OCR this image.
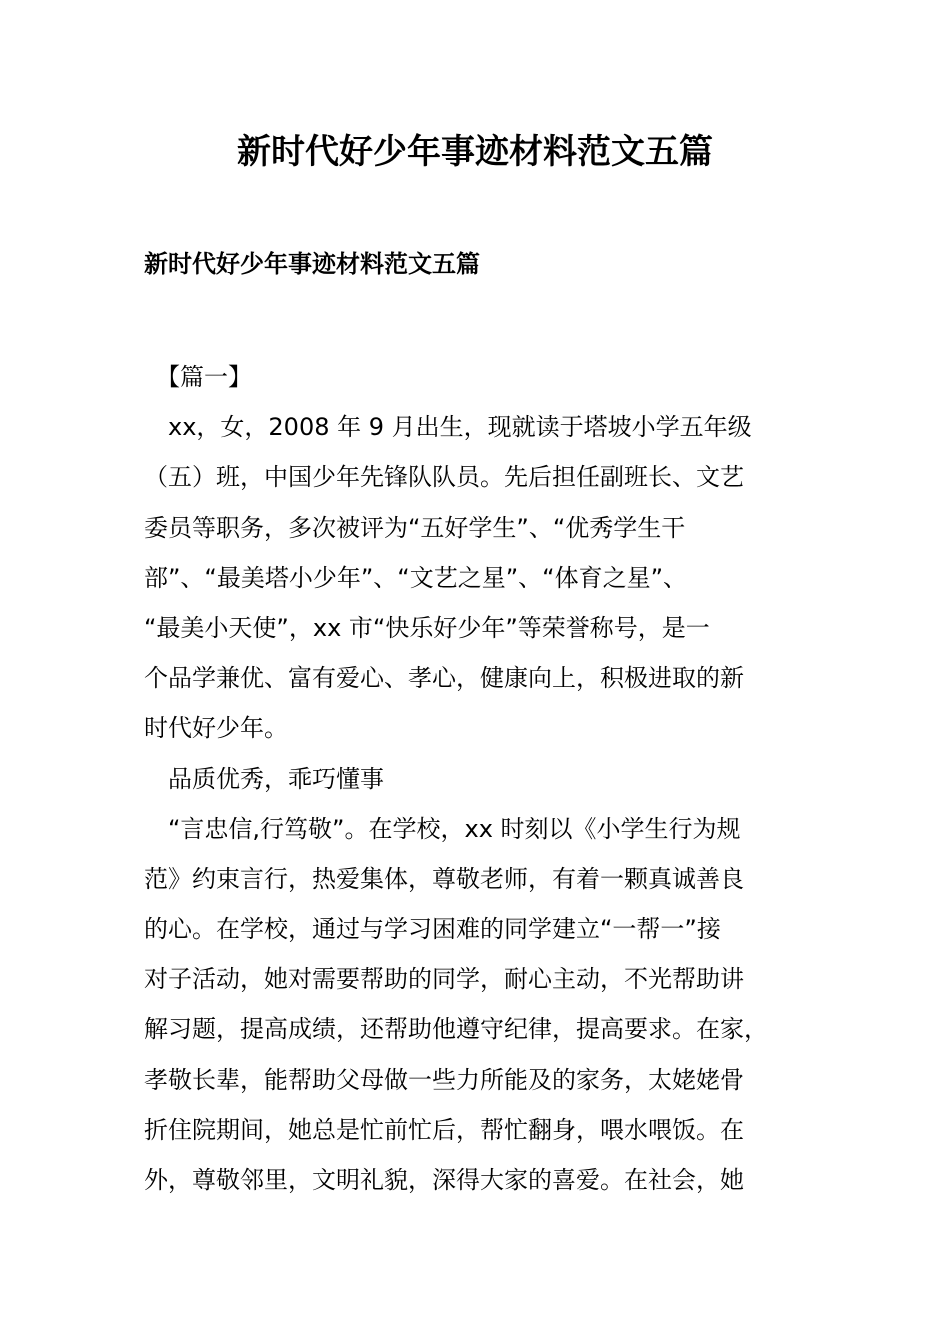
新时代好少年事迹材料范文五篇
新时代好少年事迹材料范文五篇

　【篇一】

　xx，女，2008 年 9 月出生，现就读于塔坡小学五年级

（五）班，中国少年先锋队队员。先后担任副班长、文艺

委员等职务，多次被评为“五好学生”、“优秀学生干

部”、“最美塔小少年”、“文艺之星”、“体育之星”、

“最美小天使”，xx 市“快乐好少年”等荣誉称号，是一

个品学兼优、富有爱心、孝心，健康向上，积极进取的新

时代好少年。

　品质优秀，乖巧懂事

　“言忠信,行笃敬”。在学校，xx 时刻以《小学生行为规

范》约束言行，热爱集体，尊敬老师，有着一颗真诚善良

的心。在学校，通过与学习困难的同学建立“一帮一”接

对子活动，她对需要帮助的同学，耐心主动，不光帮助讲

解习题，提高成绩，还帮助他遵守纪律，提高要求。在家，

孝敬长辈，能帮助父母做一些力所能及的家务，太姥姥骨

折住院期间，她总是忙前忙后，帮忙翻身，喂水喂饭。在

外，尊敬邻里，文明礼貌，深得大家的喜爱。在社会，她
